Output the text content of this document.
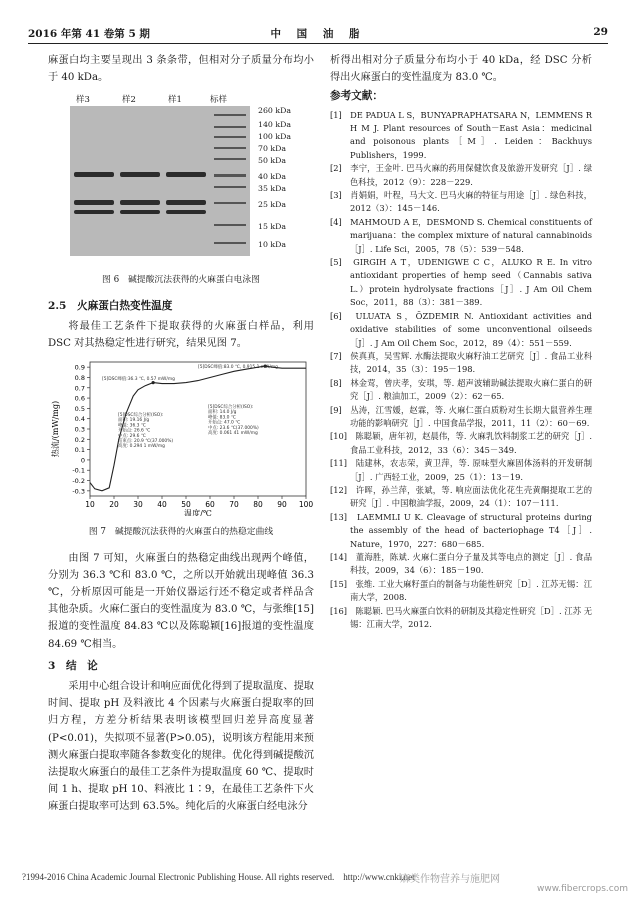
2016 年第 41 卷第 5 期	中 国 油 脂	29

麻蛋白均主要呈现出 3 条条带，但相对分子质量分布均小于 40 kDa。

样3	样2	样1	标样
260 kDa
140 kDa
100 kDa
70 kDa
50 kDa
40 kDa
35 kDa
25 kDa
15 kDa
10 kDa
图 6　碱提酸沉法获得的火麻蛋白电泳图

2.5　火麻蛋白热变性温度

将最佳工艺条件下提取获得的火麻蛋白样品，利用 DSC 对其热稳定性进行研究，结果见图 7。

10 20 30 40 50 60 70 80 90 100
0.9
0.8
0.7
0.6
0.5
0.4
0.3
0.2
0.1
0
-0.1
-0.2
-0.3
温度/℃
热流/(mW/mg)
[5]DSC峰值:36.3 ℃, 0.57 mW/mg
[5]DSC峰值:83.0 ℃, 0.915 1 mW/mg
[5]DSC综合分析(ISO):面积: 19.16 J/g 峰值: 36.3 ℃开始点: 26.6 ℃中点: 29.6 ℃结束点: 20.9 ℃(37.000%)高度: 0.294 1 mW/mg
[5]DSC综合分析(ISO):面积: 14.0 J/g 峰值: 83.0 ℃开始点: 47.0 ℃中点: 23.6 ℃(37.000%)高度: 0.061 41 mW/mg
图 7　碱提酸沉法获得的火麻蛋白的热稳定曲线

由图 7 可知，火麻蛋白的热稳定曲线出现两个峰值，分别为 36.3 ℃和 83.0 ℃，之所以开始就出现峰值 36.3 ℃，分析原因可能是一开始仪器运行还不稳定或者样品含其他杂质。火麻仁蛋白的变性温度为 83.0 ℃，与张维[15]报道的变性温度 84.83 ℃以及陈聪颖[16]报道的变性温度 84.69 ℃相当。

3　结　论

采用中心组合设计和响应面优化得到了提取温度、提取时间、提取 pH 及料液比 4 个因素与火麻蛋白提取率的回归方程，方差分析结果表明该模型回归差异高度显著(P<0.01)，失拟项不显著(P>0.05)，说明该方程能用来预测火麻蛋白提取率随各参数变化的规律。优化得到碱提酸沉法提取火麻蛋白的最佳工艺条件为提取温度 60 ℃、提取时间 1 h、提取 pH 10、料液比 1∶9，在最佳工艺条件下火麻蛋白提取率可达到 63.5%。纯化后的火麻蛋白经电泳分

析得出相对分子质量分布均小于 40 kDa，经 DSC 分析得出火麻蛋白的变性温度为 83.0 ℃。

参考文献：

[1]　DE PADUA L S，BUNYAPRAPHATSARA N，LEMMENS R H M J. Plant resources of South－East Asia：medicinal and poisonous plants［M］. Leiden：Backhuys Publishers，1999.

[2]　李宁，王金叶. 巴马火麻的药用保健饮食及旅游开发研究［J］. 绿色科技，2012（9）：228－229.

[3]　肖娟娟，叶程，马大文. 巴马火麻的特征与用途［J］. 绿色科技，2012（3）：145－146.

[4]　MAHMOUD A E，DESMOND S. Chemical constituents of marijuana：the complex mixture of natural cannabinoids［J］. Life Sci，2005，78（5）：539－548.

[5]　GIRGIH A T，UDENIGWE C C，ALUKO R E. In vitro antioxidant properties of hemp seed（Cannabis sativa L.）protein hydrolysate fractions［J］. J Am Oil Chem Soc，2011，88（3）：381－389.

[6]　ULUATA S，ÖZDEMIR N. Antioxidant activities and oxidative stabilities of some unconventional oilseeds［J］. J Am Oil Chem Soc，2012，89（4）：551－559.

[7]　侯真真，吴雪辉. 水酶法提取火麻籽油工艺研究［J］. 食品工业科技，2014，35（3）：195－198.

[8]　林金莺，曾庆孝，安琪，等. 超声波辅助碱法提取火麻仁蛋白的研究［J］. 粮油加工，2009（2）：62－65.

[9]　丛涛，江雪媛，赵霖，等. 火麻仁蛋白质粉对生长期大鼠营养生理功能的影响研究［J］. 中国食品学报，2011，11（2）：60－69.

[10]　陈聪颖，唐年初，赵晨伟，等. 火麻乳饮料制浆工艺的研究［J］. 食品工业科技，2012，33（6）：345－349.

[11]　陆建林，农志荣，黄卫萍，等. 原味型火麻固体汤料的开发研制［J］. 广西轻工业，2009，25（1）：13－19.

[12]　许晖，孙兰萍，张斌，等. 响应面法优化花生壳黄酮提取工艺的研究［J］. 中国粮油学报，2009，24（1）：107－111.

[13]　LAEMMLI U K. Cleavage of structural proteins during the assembly of the head of bacteriophage T4［J］. Nature，1970，227：680－685.

[14]　董海胜，陈斌. 火麻仁蛋白分子量及其等电点的测定［J］. 食品科技，2009，34（6）：185－190.

[15]　张维. 工业大麻籽蛋白的制备与功能性研究［D］. 江苏无锡：江南大学，2008.

[16]　陈聪颖. 巴马火麻蛋白饮料的研制及其稳定性研究［D］. 江苏 无锡：江南大学，2012.

?1994-2016 China Academic Journal Electronic Publishing House. All rights reserved.　http://www.cnki.net
麻类作物营养与施肥网
www.fibercrops.com
